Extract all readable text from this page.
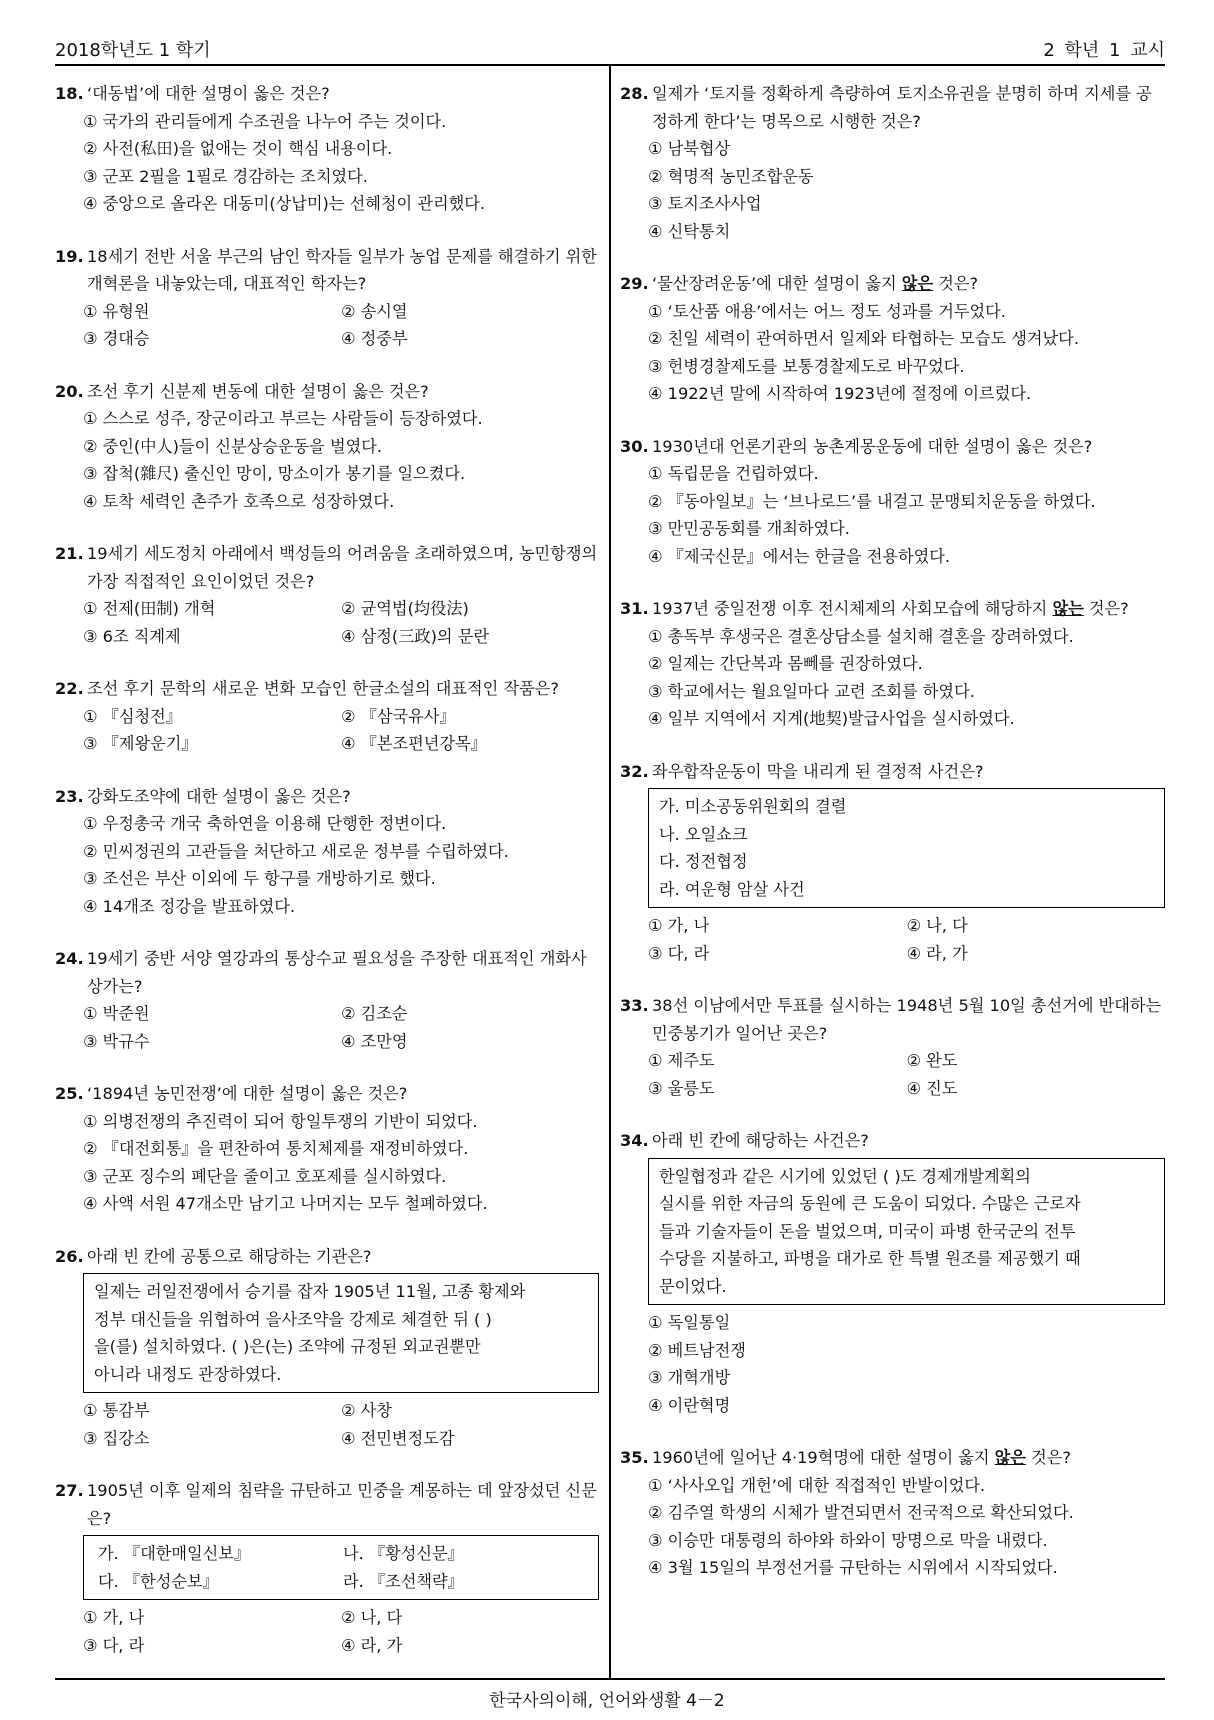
2018학년도 1 학기	2 학년 1 교시
18. ‘대동법’에 대한 설명이 옳은 것은?
① 국가의 관리들에게 수조권을 나누어 주는 것이다.
② 사전(私田)을 없애는 것이 핵심 내용이다.
③ 군포 2필을 1필로 경감하는 조치였다.
④ 중앙으로 올라온 대동미(상납미)는 선혜청이 관리했다.
19. 18세기 전반 서울 부근의 남인 학자들 일부가 농업 문제를 해결하기 위한 개혁론을 내놓았는데, 대표적인 학자는?
① 유형원	② 송시열
③ 경대승	④ 정중부
20. 조선 후기 신분제 변동에 대한 설명이 옳은 것은?
① 스스로 성주, 장군이라고 부르는 사람들이 등장하였다.
② 중인(中人)들이 신분상승운동을 벌였다.
③ 잡척(雜尺) 출신인 망이, 망소이가 봉기를 일으켰다.
④ 토착 세력인 촌주가 호족으로 성장하였다.
21. 19세기 세도정치 아래에서 백성들의 어려움을 초래하였으며, 농민항쟁의 가장 직접적인 요인이었던 것은?
① 전제(田制) 개혁	② 균역법(均役法)
③ 6조 직계제	④ 삼정(三政)의 문란
22. 조선 후기 문학의 새로운 변화 모습인 한글소설의 대표적인 작품은?
① 『심청전』	② 『삼국유사』
③ 『제왕운기』	④ 『본조편년강목』
23. 강화도조약에 대한 설명이 옳은 것은?
① 우정총국 개국 축하연을 이용해 단행한 정변이다.
② 민씨정권의 고관들을 처단하고 새로운 정부를 수립하였다.
③ 조선은 부산 이외에 두 항구를 개방하기로 했다.
④ 14개조 정강을 발표하였다.
24. 19세기 중반 서양 열강과의 통상수교 필요성을 주장한 대표적인 개화사상가는?
① 박준원	② 김조순
③ 박규수	④ 조만영
25. ‘1894년 농민전쟁’에 대한 설명이 옳은 것은?
① 의병전쟁의 추진력이 되어 항일투쟁의 기반이 되었다.
② 『대전회통』을 편찬하여 통치체제를 재정비하였다.
③ 군포 징수의 폐단을 줄이고 호포제를 실시하였다.
④ 사액 서원 47개소만 남기고 나머지는 모두 철폐하였다.
26. 아래 빈 칸에 공통으로 해당하는 기관은?
일제는 러일전쟁에서 승기를 잡자 1905년 11월, 고종 황제와
정부 대신들을 위협하여 을사조약을 강제로 체결한 뒤 ( )
을(를) 설치하였다. ( )은(는) 조약에 규정된 외교권뿐만
아니라 내정도 관장하였다.
① 통감부	② 사창
③ 집강소	④ 전민변정도감
27. 1905년 이후 일제의 침략을 규탄하고 민중을 계몽하는 데 앞장섰던 신문은?
가. 『대한매일신보』	나. 『황성신문』
다. 『한성순보』	라. 『조선책략』
① 가, 나	② 나, 다
③ 다, 라	④ 라, 가
28. 일제가 ‘토지를 정확하게 측량하여 토지소유권을 분명히 하며 지세를 공정하게 한다’는 명목으로 시행한 것은?
① 남북협상
② 혁명적 농민조합운동
③ 토지조사사업
④ 신탁통치
29. ‘물산장려운동’에 대한 설명이 옳지 않은 것은?
① ‘토산품 애용’에서는 어느 정도 성과를 거두었다.
② 친일 세력이 관여하면서 일제와 타협하는 모습도 생겨났다.
③ 헌병경찰제도를 보통경찰제도로 바꾸었다.
④ 1922년 말에 시작하여 1923년에 절정에 이르렀다.
30. 1930년대 언론기관의 농촌계몽운동에 대한 설명이 옳은 것은?
① 독립문을 건립하였다.
② 『동아일보』는 ‘브나로드’를 내걸고 문맹퇴치운동을 하였다.
③ 만민공동회를 개최하였다.
④ 『제국신문』에서는 한글을 전용하였다.
31. 1937년 중일전쟁 이후 전시체제의 사회모습에 해당하지 않는 것은?
① 총독부 후생국은 결혼상담소를 설치해 결혼을 장려하였다.
② 일제는 간단복과 몸뻬를 권장하였다.
③ 학교에서는 월요일마다 교련 조회를 하였다.
④ 일부 지역에서 지계(地契)발급사업을 실시하였다.
32. 좌우합작운동이 막을 내리게 된 결정적 사건은?
가. 미소공동위원회의 결렬
나. 오일쇼크
다. 정전협정
라. 여운형 암살 사건
① 가, 나	② 나, 다
③ 다, 라	④ 라, 가
33. 38선 이남에서만 투표를 실시하는 1948년 5월 10일 총선거에 반대하는 민중봉기가 일어난 곳은?
① 제주도	② 완도
③ 울릉도	④ 진도
34. 아래 빈 칸에 해당하는 사건은?
한일협정과 같은 시기에 있었던 ( )도 경제개발계획의
실시를 위한 자금의 동원에 큰 도움이 되었다. 수많은 근로자
들과 기술자들이 돈을 벌었으며, 미국이 파병 한국군의 전투
수당을 지불하고, 파병을 대가로 한 특별 원조를 제공했기 때
문이었다.
① 독일통일
② 베트남전쟁
③ 개혁개방
④ 이란혁명
35. 1960년에 일어난 4·19혁명에 대한 설명이 옳지 않은 것은?
① ‘사사오입 개헌’에 대한 직접적인 반발이었다.
② 김주열 학생의 시체가 발견되면서 전국적으로 확산되었다.
③ 이승만 대통령의 하야와 하와이 망명으로 막을 내렸다.
④ 3월 15일의 부정선거를 규탄하는 시위에서 시작되었다.
한국사의이해, 언어와생활 4－2
